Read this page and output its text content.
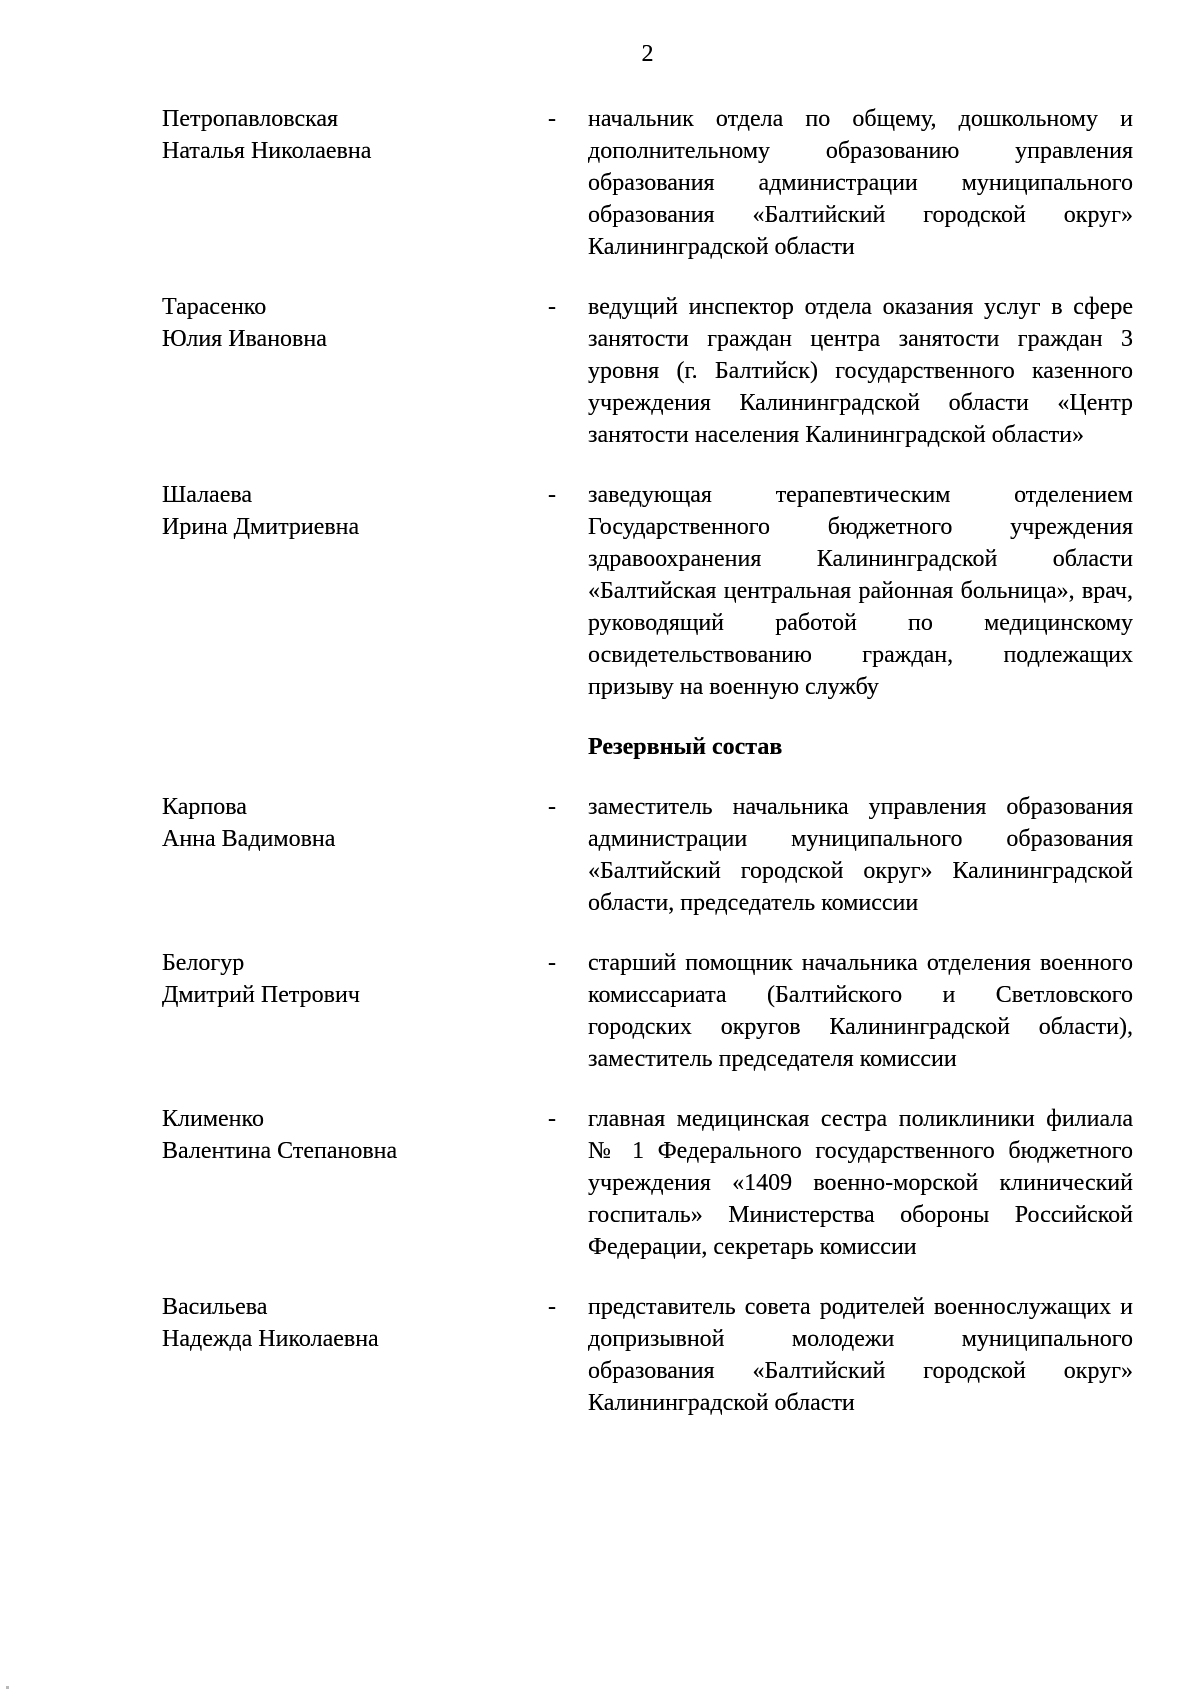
2
Петропавловская
Наталья Николаевна
-	начальник отдела по общему, дошкольному и дополнительному образованию управления образования администрации муниципального образования «Балтийский городской округ» Калининградской области
Тарасенко
Юлия Ивановна
-	ведущий инспектор отдела оказания услуг в сфере занятости граждан центра занятости граждан 3 уровня (г. Балтийск) государственного казенного учреждения Калининградской области «Центр занятости населения Калининградской области»
Шалаева
Ирина Дмитриевна
-	заведующая терапевтическим отделением Государственного бюджетного учреждения здравоохранения Калининградской области «Балтийская центральная районная больница», врач, руководящий работой по медицинскому освидетельствованию граждан, подлежащих призыву на военную службу
Резервный состав
Карпова
Анна Вадимовна
-	заместитель начальника управления образования администрации муниципального образования «Балтийский городской округ» Калининградской области, председатель комиссии
Белогур
Дмитрий Петрович
-	старший помощник начальника отделения военного комиссариата (Балтийского и Светловского городских округов Калининградской области), заместитель председателя комиссии
Клименко
Валентина Степановна
-	главная медицинская сестра поликлиники филиала № 1 Федерального государственного бюджетного учреждения «1409 военно-морской клинический госпиталь» Министерства обороны Российской Федерации, секретарь комиссии
Васильева
Надежда Николаевна
-	представитель совета родителей военнослужащих и допризывной молодежи муниципального образования «Балтийский городской округ» Калининградской области
